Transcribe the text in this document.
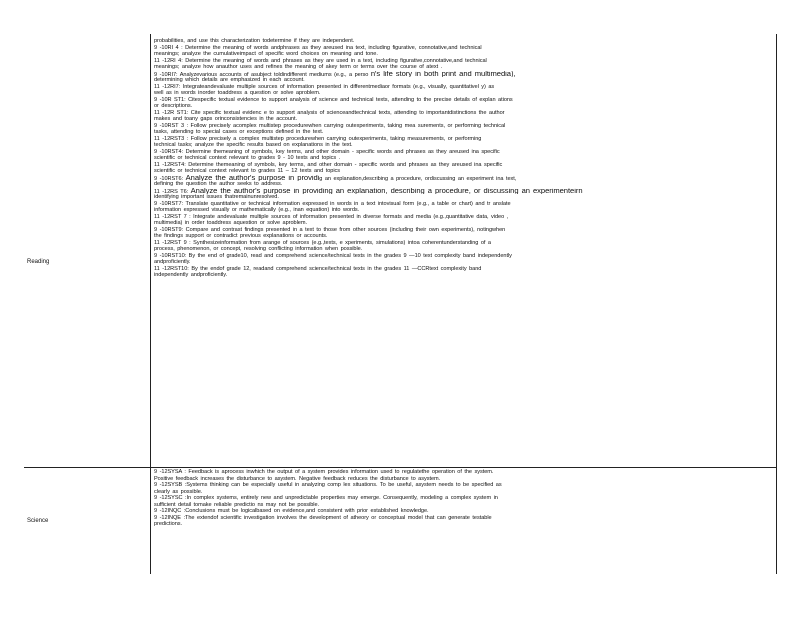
Reading
Science
probabilities, and use this characterization todetermine if they are independent.
9 -10RI 4 : Determine the meaning of words andphrases as they areused ina text, including figurative, connotative,and technical
meanings; analyze the cumulativeimpact of specific word choices on meaning and tone.
11 -12RI 4: Determine the meaning of words and phrases as they are used in a text, including figurative,connotative,and technical
meanings; analyze how anauthor uses and refines the meaning of akey term or terms over the course of atext .
9 -10RI7: Analyzevarious accounts of asubject toldindifferent mediums (e.g., a perso n's life story in both print and multimedia),
determining which details are emphasized in each account.
11 -12RI7: Integrateandevaluate multiple sources of information presented in differentmediaor formats (e.g., visually, quantitativel y) as
well as in words inorder toaddress a question or solve aproblem.
9 -10R ST1: Citespecific textual evidence to support analysis of science and technical texts, attending to the precise details of explan ations
or descriptions.
11 -12R ST1: Cite specific textual evidenc e to support analysis of scienceandtechnical texts, attending to importantdistinctions the author
makes and toany gaps orinconsistencies in the account.
9 -10RST 3 : Follow precisely acomplex multistep procedurewhen carrying outexperiments, taking mea surements, or performing technical
tasks, attending to special cases or exceptions defined in the text.
11 -12RST3 : Follow precisely a complex multistep procedurewhen carrying outexperiments, taking measurements, or performing
technical tasks; analyze the specific results based on explanations in the text.
9 -10RST4: Determine themeaning of symbols, key terms, and other domain - specific words and phrases as they areused ina specific
scientific or technical context relevant to grades 9 - 10 texts and topics .
11 -12RST4: Determine themeaning of symbols, key terms, and other domain - specific words and phrases as they areused ina specific
scientific or technical context relevant to grades 11 – 12 texts and topics
9 -10RST6: Analyze the author's purpose in providig an explanation,describing a procedure, ordiscussing an experiment ina text,
defining the question the author seeks to address.
11 -12RS T6: Analyze the author's purpose in providing an explanation, describing a procedure, or discussing an experimenteirn
identifying important issues thatremainunresolved.
9 -10RST7: Translate quantitative or technical information expressed in words in a text intovisual form (e.g., a table or chart) and tr anslate
information expressed visually or mathematically (e.g., inan equation) into words.
11 -12RST 7 : Integrate andevaluate multiple sources of information presented in diverse formats and media (e.g.,quantitative data, video ,
multimedia) in order toaddress aquestion or solve aproblem.
9 -10RST9: Compare and contrast findings presented in a text to those from other sources (including their own experiments), notingwhen
the findings support or contradict previous explanations or accounts.
11 -12RST 9 : Synthesizeinformation from arange of sources (e.g.,texts, e xperiments, simulations) intoa coherentunderstanding of a
process, phenomenon, or concept, resolving conflicting information when possible.
9 -10RST10: By the end of grade10, read and comprehend science/technical texts in the grades 9 —10 text complexity band independently
andproficiently.
11 -12RST10: By the endof grade 12, readand comprehend science/technical texts in the grades 11 —CCRtext complexity band
independently andproficiently.
9 -12SYSA : Feedback is aprocess inwhich the output of a system provides information used to regulatethe operation of the system.
Positive feedback increases the disturbance to asystem. Negative feedback reduces the disturbance to asystem.
9 -12SYSB :Systems thinking can be especially useful in analyzing comp lex situations. To be useful, asystem needs to be specified as
clearly as possible.
9 -12SYSC :In complex systems, entirely new and unpredictable properties may emerge. Consequently, modeling a complex system in
sufficient detail tomake reliable predictio ns may not be possible.
9 -12INQC :Conclusions must be logicalbased on evidence,and consistent with prior established knowledge.
9 -12INQE :The extendof scientific investigation involves the development of atheory or conceptual model that can generate testable
predictions.
